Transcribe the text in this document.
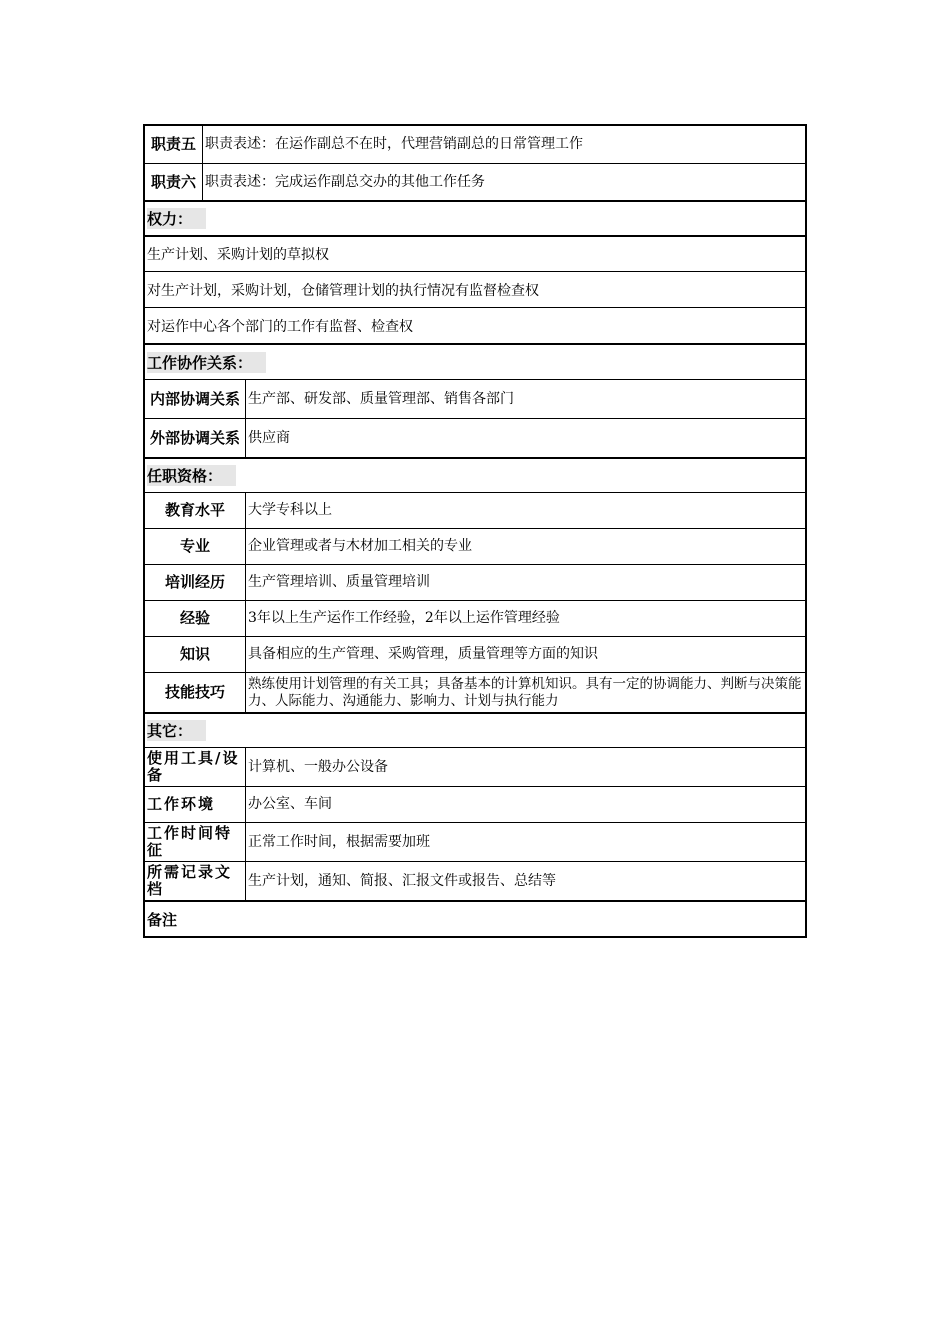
职责五 职责表述：在运作副总不在时，代理营销副总的日常管理工作
职责六 职责表述：完成运作副总交办的其他工作任务
权力：
生产计划、采购计划的草拟权
对生产计划，采购计划，仓储管理计划的执行情况有监督检查权
对运作中心各个部门的工作有监督、检查权
工作协作关系：
内部协调关系 生产部、研发部、质量管理部、销售各部门
外部协调关系 供应商
任职资格：
教育水平	大学专科以上
专业	企业管理或者与木材加工相关的专业
培训经历	生产管理培训、质量管理培训
经验	3年以上生产运作工作经验，2年以上运作管理经验
知识	具备相应的生产管理、采购管理，质量管理等方面的知识
技能技巧	熟练使用计划管理的有关工具；具备基本的计算机知识。具有一定的协调能力、判断与决策能力、人际能力、沟通能力、影响力、计划与执行能力
其它：
使用工具/设备	计算机、一般办公设备
工作环境	办公室、车间
工作时间特征	正常工作时间，根据需要加班
所需记录文档	生产计划，通知、简报、汇报文件或报告、总结等
备注
